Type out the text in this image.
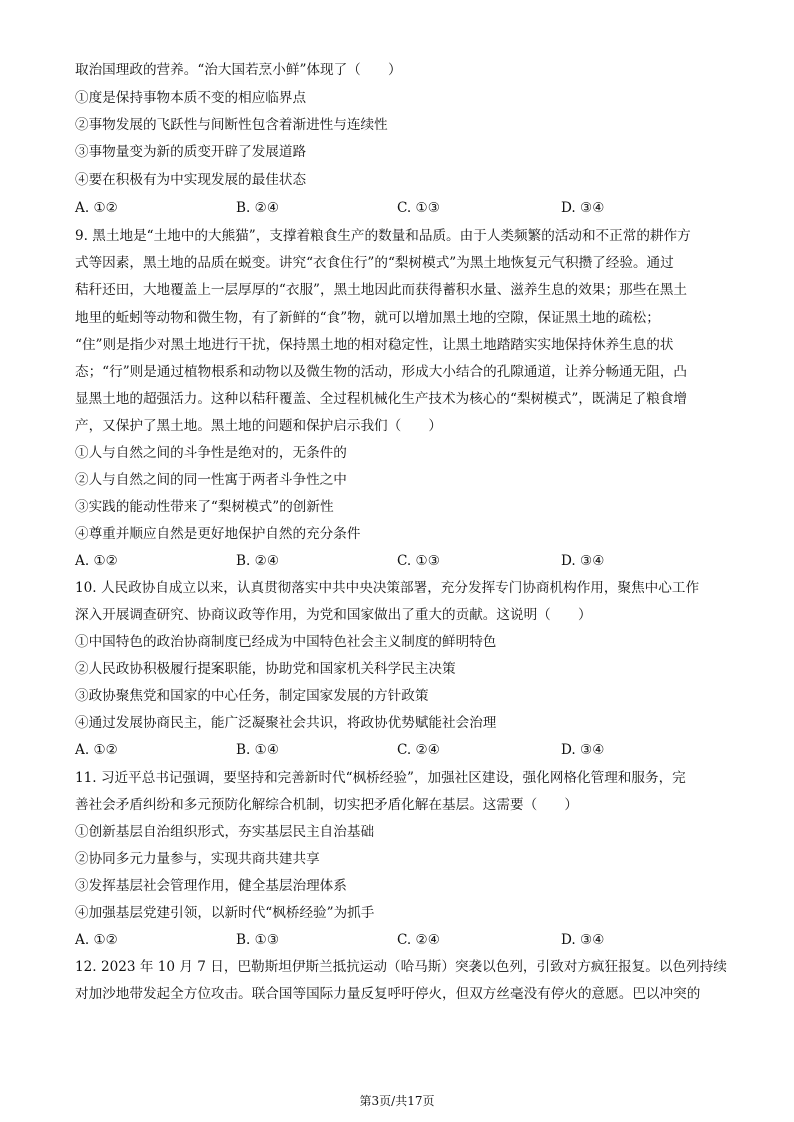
取治国理政的营养。“治大国若烹小鲜”体现了（　　）
①度是保持事物本质不变的相应临界点
②事物发展的飞跃性与间断性包含着渐进性与连续性
③事物量变为新的质变开辟了发展道路
④要在积极有为中实现发展的最佳状态
A. ①②	B. ②④	C. ①③	D. ③④
9. 黑土地是“土地中的大熊猫”，支撑着粮食生产的数量和品质。由于人类频繁的活动和不正常的耕作方
式等因素，黑土地的品质在蜕变。讲究“衣食住行”的“梨树模式”为黑土地恢复元气积攒了经验。通过
秸秆还田，大地覆盖上一层厚厚的“衣服”，黑土地因此而获得蓄积水量、滋养生息的效果；那些在黑土
地里的蚯蚓等动物和微生物，有了新鲜的“食”物，就可以增加黑土地的空隙，保证黑土地的疏松；
“住”则是指少对黑土地进行干扰，保持黑土地的相对稳定性，让黑土地踏踏实实地保持休养生息的状
态；“行”则是通过植物根系和动物以及微生物的活动，形成大小结合的孔隙通道，让养分畅通无阻，凸
显黑土地的超强活力。这种以秸秆覆盖、全过程机械化生产技术为核心的“梨树模式”，既满足了粮食增
产，又保护了黑土地。黑土地的问题和保护启示我们（　　）
①人与自然之间的斗争性是绝对的，无条件的
②人与自然之间的同一性寓于两者斗争性之中
③实践的能动性带来了“梨树模式”的创新性
④尊重并顺应自然是更好地保护自然的充分条件
A. ①②	B. ②④	C. ①③	D. ③④
10. 人民政协自成立以来，认真贯彻落实中共中央决策部署，充分发挥专门协商机构作用，聚焦中心工作
深入开展调查研究、协商议政等作用，为党和国家做出了重大的贡献。这说明（　　）
①中国特色的政治协商制度已经成为中国特色社会主义制度的鲜明特色
②人民政协积极履行提案职能，协助党和国家机关科学民主决策
③政协聚焦党和国家的中心任务，制定国家发展的方针政策
④通过发展协商民主，能广泛凝聚社会共识，将政协优势赋能社会治理
A. ①②	B. ①④	C. ②④	D. ③④
11. 习近平总书记强调，要坚持和完善新时代“枫桥经验”，加强社区建设，强化网格化管理和服务，完
善社会矛盾纠纷和多元预防化解综合机制，切实把矛盾化解在基层。这需要（　　）
①创新基层自治组织形式，夯实基层民主自治基础
②协同多元力量参与，实现共商共建共享
③发挥基层社会管理作用，健全基层治理体系
④加强基层党建引领，以新时代“枫桥经验”为抓手
A. ①②	B. ①③	C. ②④	D. ③④
12. 2023 年 10 月 7 日，巴勒斯坦伊斯兰抵抗运动（哈马斯）突袭以色列，引致对方疯狂报复。以色列持续
对加沙地带发起全方位攻击。联合国等国际力量反复呼吁停火，但双方丝毫没有停火的意愿。巴以冲突的
第3页/共17页
